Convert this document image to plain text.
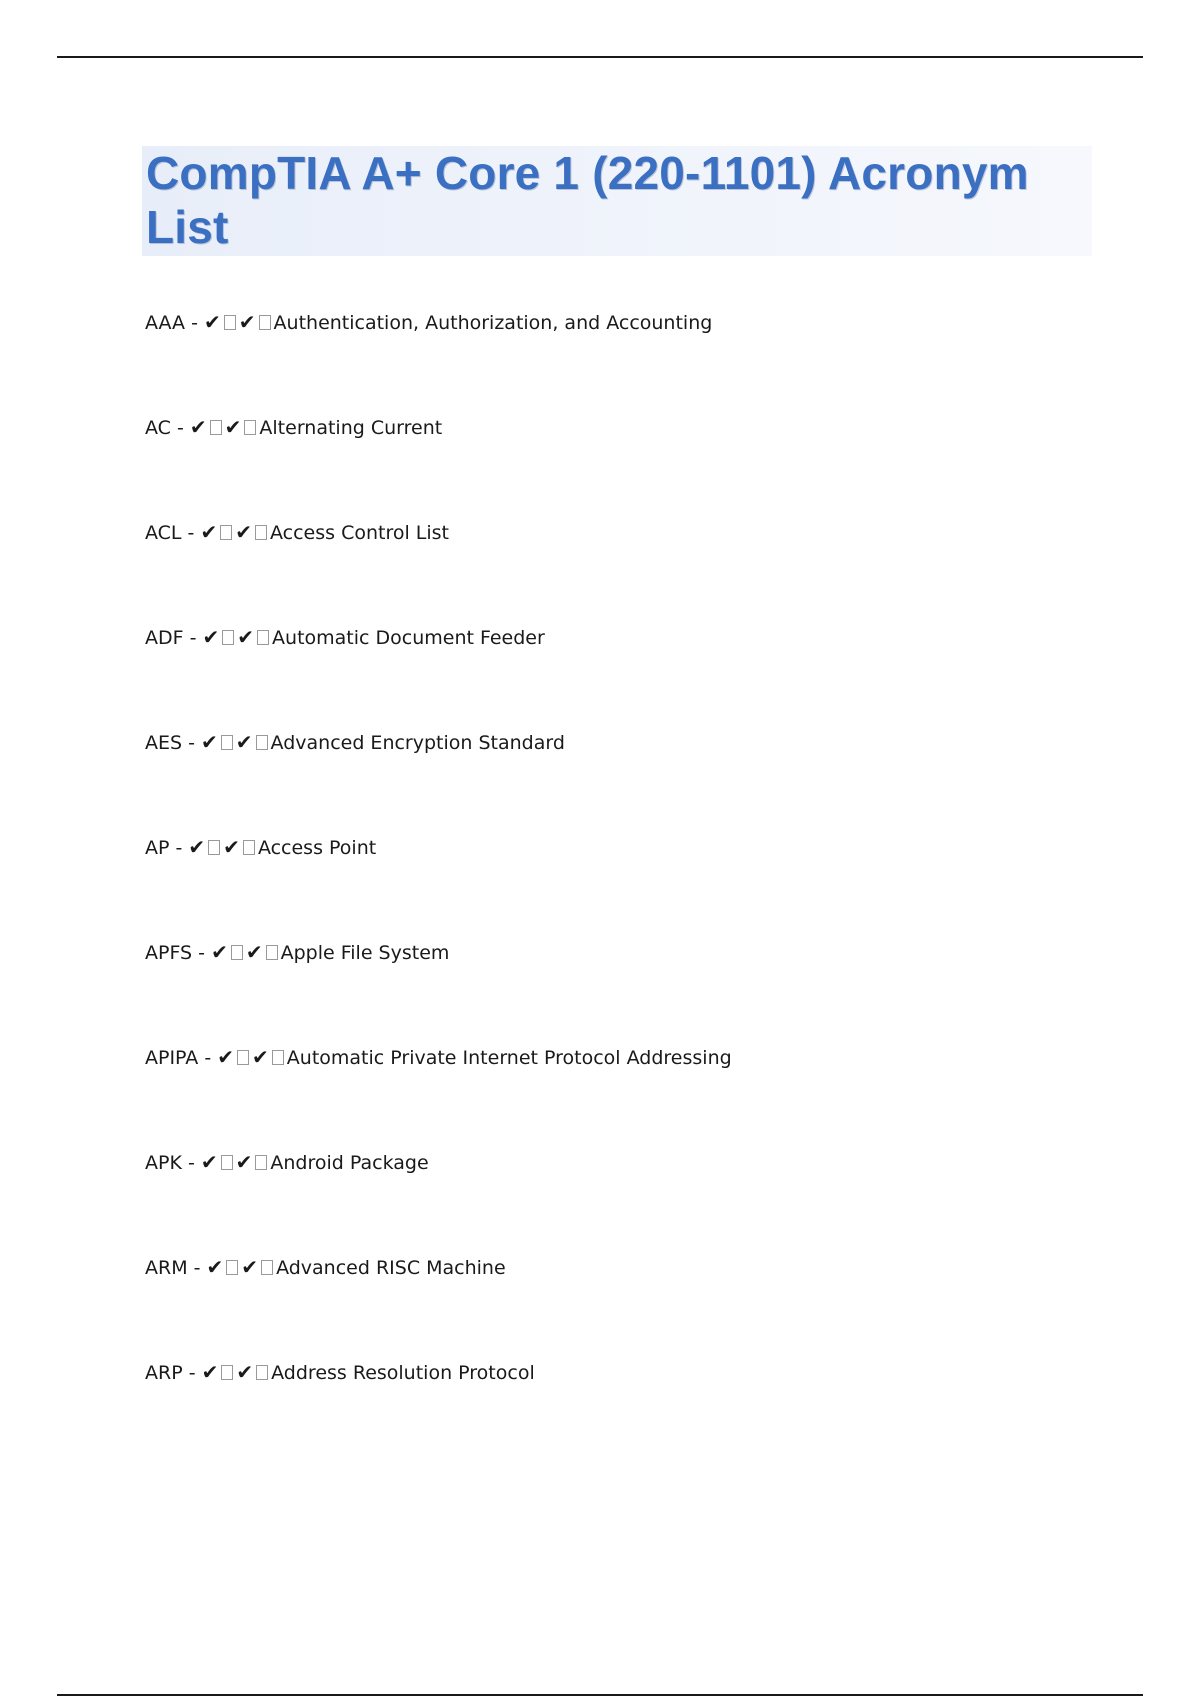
CompTIA A+ Core 1 (220-1101) Acronym List
AAA - ✔ ✔ Authentication, Authorization, and Accounting
AC - ✔ ✔ Alternating Current
ACL - ✔ ✔ Access Control List
ADF - ✔ ✔ Automatic Document Feeder
AES - ✔ ✔ Advanced Encryption Standard
AP - ✔ ✔ Access Point
APFS - ✔ ✔ Apple File System
APIPA - ✔ ✔ Automatic Private Internet Protocol Addressing
APK - ✔ ✔ Android Package
ARM - ✔ ✔ Advanced RISC Machine
ARP - ✔ ✔ Address Resolution Protocol
